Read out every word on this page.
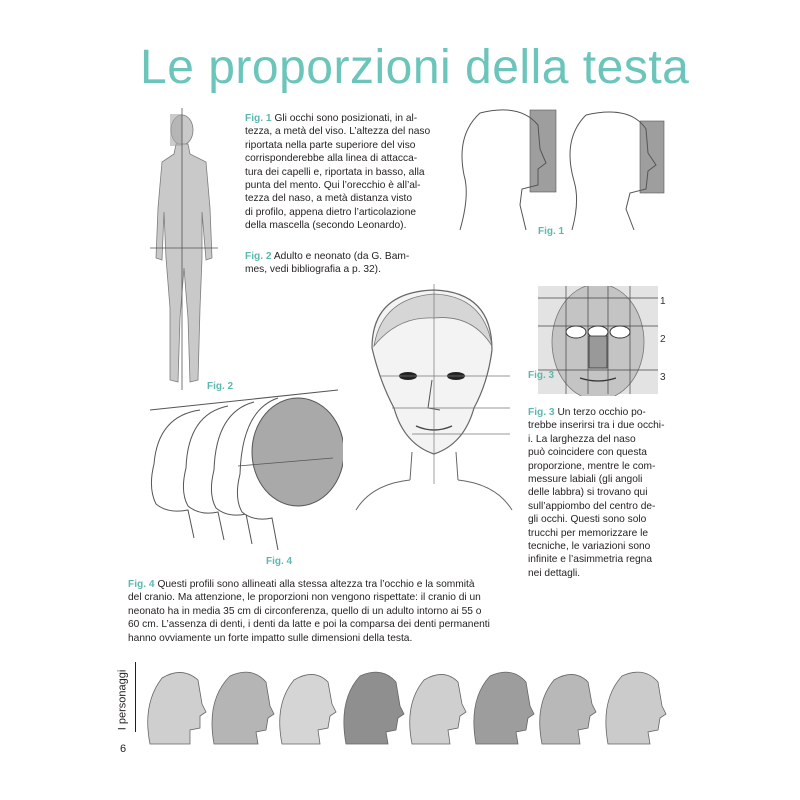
Le proporzioni della testa
Fig. 2
Fig. 1 Gli occhi sono posizionati, in al-
tezza, a metà del viso. L’altezza del naso
riportata nella parte superiore del viso
corrisponderebbe alla linea di attacca-
tura dei capelli e, riportata in basso, alla
punta del mento. Qui l’orecchio è all’al-
tezza del naso, a metà distanza visto
di profilo, appena dietro l’articolazione
della mascella (secondo Leonardo).
Fig. 2 Adulto e neonato (da G. Bam-
mes, vedi bibliografia a p. 32).
Fig. 1
1
2
3
Fig. 3
Fig. 3 Un terzo occhio po-
trebbe inserirsi tra i due occhi-
i. La larghezza del naso
può coincidere con questa
proporzione, mentre le com-
messure labiali (gli angoli
delle labbra) si trovano qui
sull’appiombo del centro de-
gli occhi. Questi sono solo
trucchi per memorizzare le
tecniche, le variazioni sono
infinite e l’asimmetria regna
nei dettagli.
Fig. 4
Fig. 4 Questi profili sono allineati alla stessa altezza tra l’occhio e la sommità
del cranio. Ma attenzione, le proporzioni non vengono rispettate: il cranio di un
neonato ha in media 35 cm di circonferenza, quello di un adulto intorno ai 55 o
60 cm. L’assenza di denti, i denti da latte e poi la comparsa dei denti permanenti
hanno ovviamente un forte impatto sulle dimensioni della testa.
I personaggi
6
